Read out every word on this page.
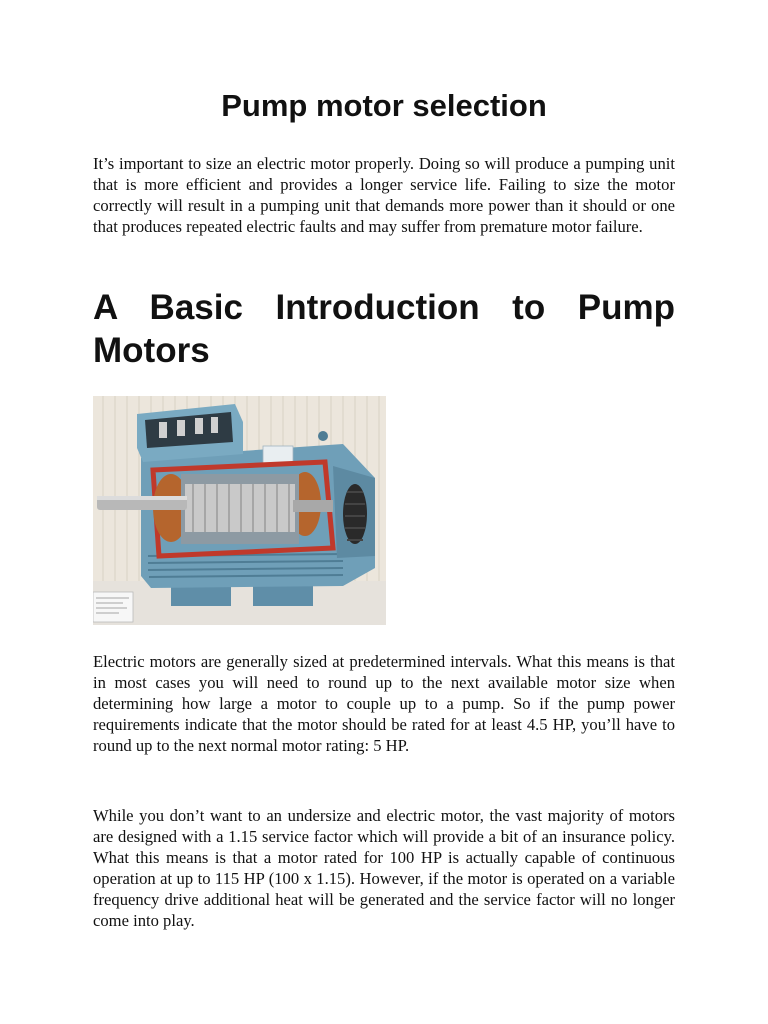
Pump motor selection

It’s important to size an electric motor properly. Doing so will produce a pumping unit that is more efficient and provides a longer service life. Failing to size the motor correctly will result in a pumping unit that demands more power than it should or one that produces repeated electric faults and may suffer from premature motor failure.

A Basic Introduction to Pump Motors

Electric motors are generally sized at predetermined intervals. What this means is that in most cases you will need to round up to the next available motor size when determining how large a motor to couple up to a pump. So if the pump power requirements indicate that the motor should be rated for at least 4.5 HP, you’ll have to round up to the next normal motor rating: 5 HP.

While you don’t want to an undersize and electric motor, the vast majority of motors are designed with a 1.15 service factor which will provide a bit of an insurance policy. What this means is that a motor rated for 100 HP is actually capable of continuous operation at up to 115 HP (100 x 1.15). However, if the motor is operated on a variable frequency drive additional heat will be generated and the service factor will no longer come into play.
